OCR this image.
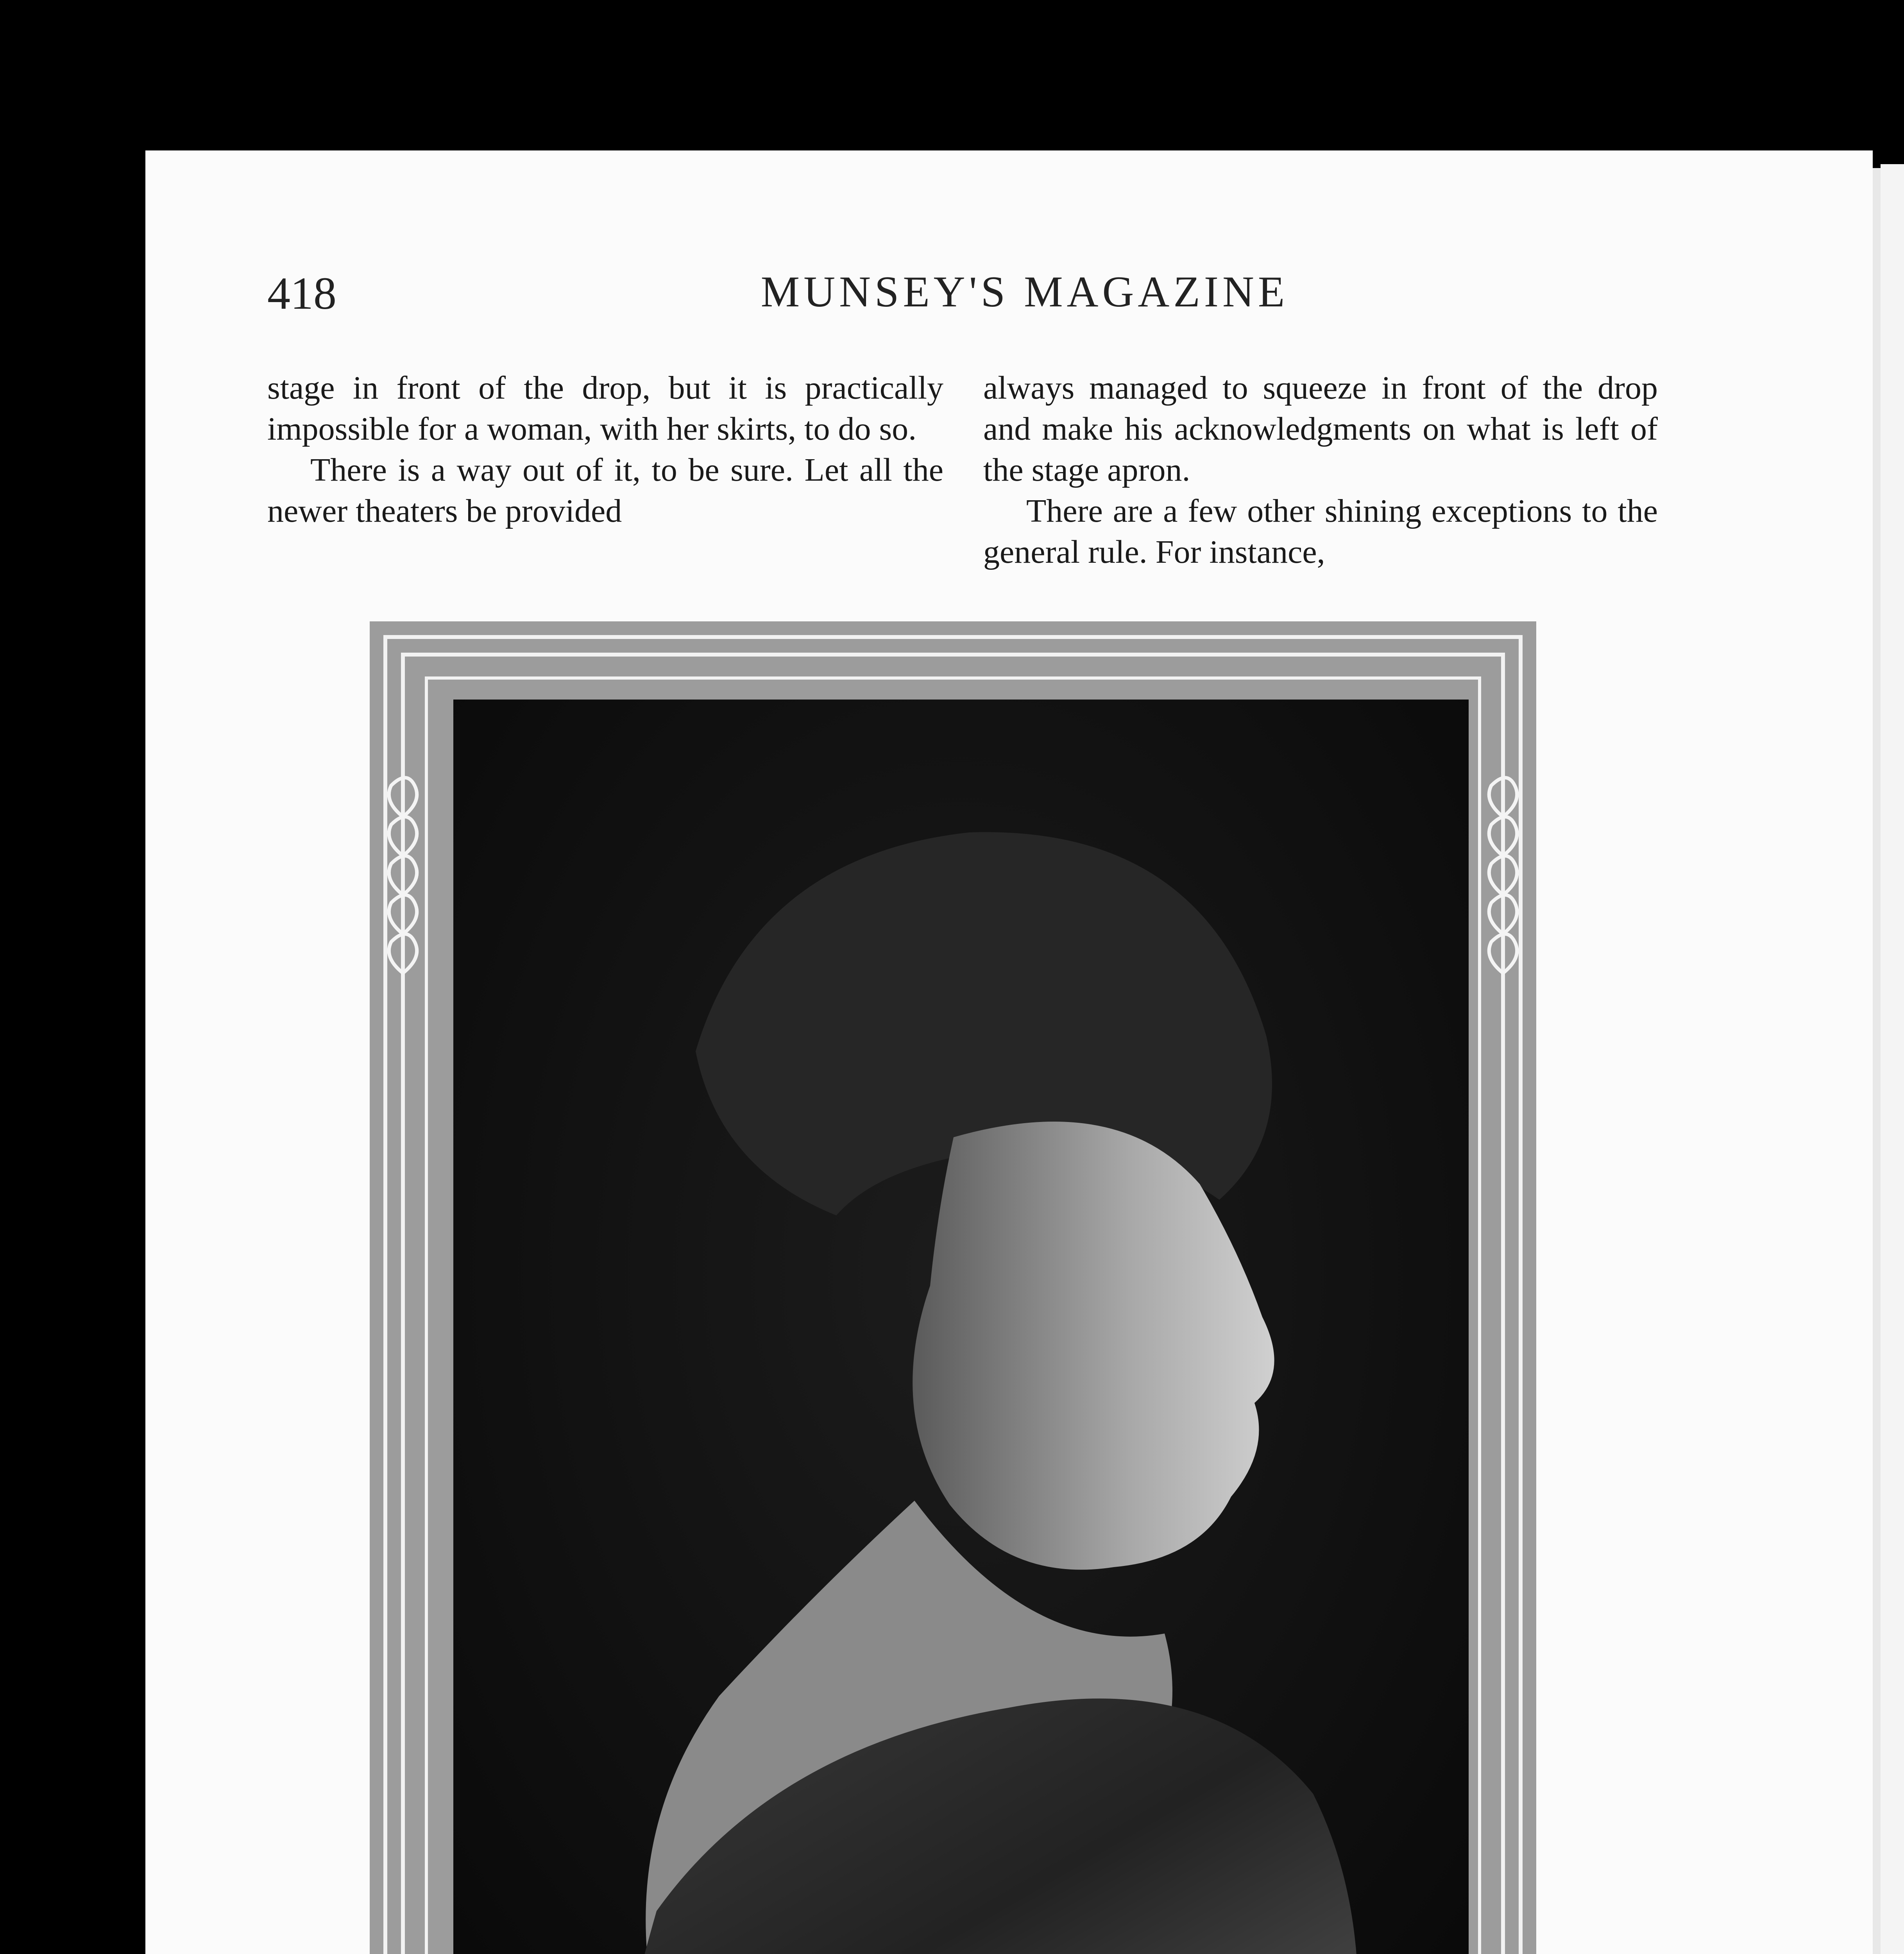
418	MUNSEY'S MAGAZINE

stage in front of the drop, but it is practically impossible for a woman, with her skirts, to do so.

There is a way out of it, to be sure. Let all the newer theaters be provided

always managed to squeeze in front of the drop and make his acknowledgments on what is left of the stage apron.

There are a few other shining exceptions to the general rule. For instance,
